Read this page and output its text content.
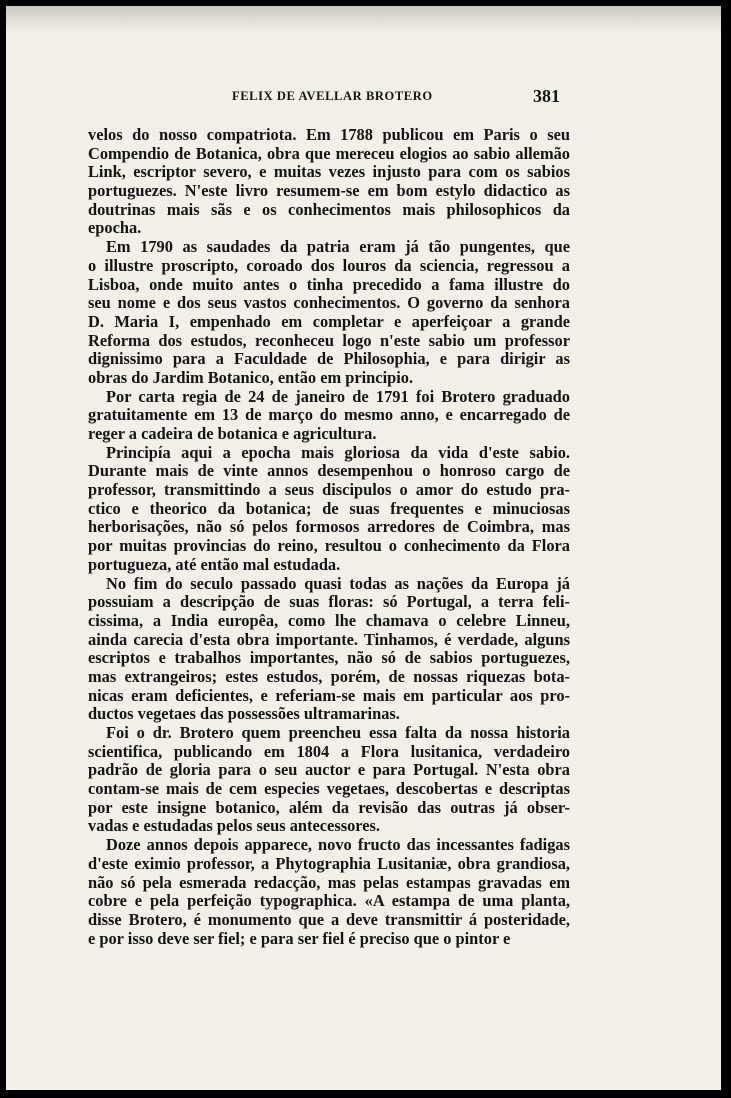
FELIX DE AVELLAR BROTERO	381
velos do nosso compatriota. Em 1788 publicou em Paris o seu
Compendio de Botanica, obra que mereceu elogios ao sabio allemão
Link, escriptor severo, e muitas vezes injusto para com os sabios
portuguezes. N'este livro resumem-se em bom estylo didactico as
doutrinas mais sãs e os conhecimentos mais philosophicos da
epocha.
Em 1790 as saudades da patria eram já tão pungentes, que
o illustre proscripto, coroado dos louros da sciencia, regressou a
Lisboa, onde muito antes o tinha precedido a fama illustre do
seu nome e dos seus vastos conhecimentos. O governo da senhora
D. Maria I, empenhado em completar e aperfeiçoar a grande
Reforma dos estudos, reconheceu logo n'este sabio um professor
dignissimo para a Faculdade de Philosophia, e para dirigir as
obras do Jardim Botanico, então em principio.
Por carta regia de 24 de janeiro de 1791 foi Brotero graduado
gratuitamente em 13 de março do mesmo anno, e encarregado de
reger a cadeira de botanica e agricultura.
Principía aqui a epocha mais gloriosa da vida d'este sabio.
Durante mais de vinte annos desempenhou o honroso cargo de
professor, transmittindo a seus discipulos o amor do estudo pra-
ctico e theorico da botanica; de suas frequentes e minuciosas
herborisações, não só pelos formosos arredores de Coimbra, mas
por muitas provincias do reino, resultou o conhecimento da Flora
portugueza, até então mal estudada.
No fim do seculo passado quasi todas as nações da Europa já
possuiam a descripção de suas floras: só Portugal, a terra feli-
cissima, a India europêa, como lhe chamava o celebre Linneu,
ainda carecia d'esta obra importante. Tinhamos, é verdade, alguns
escriptos e trabalhos importantes, não só de sabios portuguezes,
mas extrangeiros; estes estudos, porém, de nossas riquezas bota-
nicas eram deficientes, e referiam-se mais em particular aos pro-
ductos vegetaes das possessões ultramarinas.
Foi o dr. Brotero quem preencheu essa falta da nossa historia
scientifica, publicando em 1804 a Flora lusitanica, verdadeiro
padrão de gloria para o seu auctor e para Portugal. N'esta obra
contam-se mais de cem especies vegetaes, descobertas e descriptas
por este insigne botanico, além da revisão das outras já obser-
vadas e estudadas pelos seus antecessores.
Doze annos depois apparece, novo fructo das incessantes fadigas
d'este eximio professor, a Phytographia Lusitaniæ, obra grandiosa,
não só pela esmerada redacção, mas pelas estampas gravadas em
cobre e pela perfeição typographica. «A estampa de uma planta,
disse Brotero, é monumento que a deve transmittir á posteridade,
e por isso deve ser fiel; e para ser fiel é preciso que o pintor e
